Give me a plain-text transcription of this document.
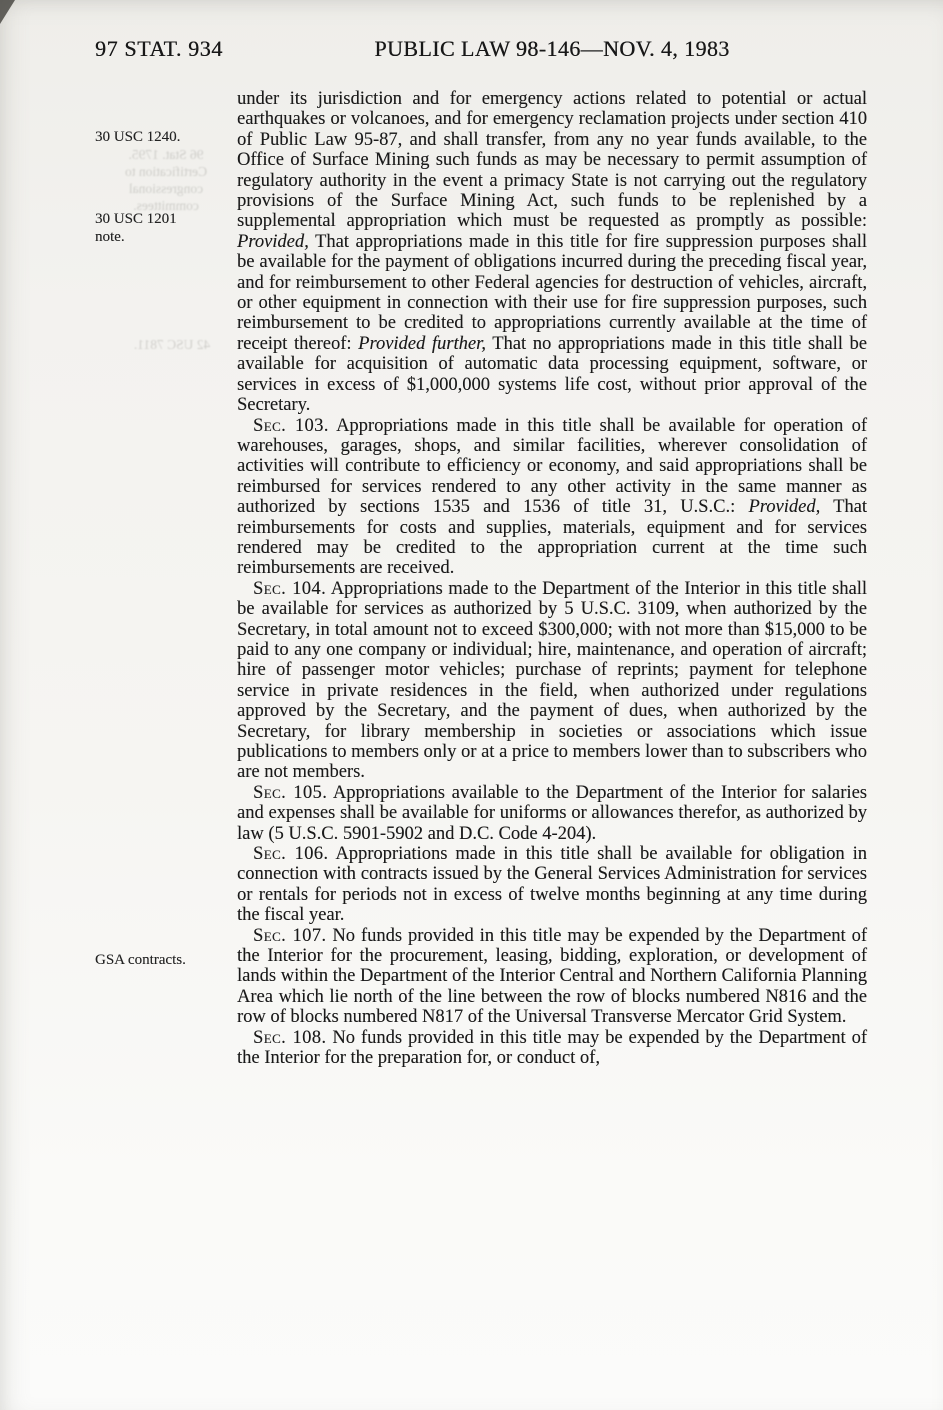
97 STAT. 934	PUBLIC LAW 98-146—NOV. 4, 1983
30 USC 1240.
30 USC 1201 note.
GSA contracts.
96 Stat. 1795.
Certification to
congressional
committees.
42 USC 7811.

under its jurisdiction and for emergency actions related to potential or actual earthquakes or volcanoes, and for emergency reclamation projects under section 410 of Public Law 95-87, and shall transfer, from any no year funds available, to the Office of Surface Mining such funds as may be necessary to permit assumption of regulatory authority in the event a primacy State is not carrying out the regulatory provisions of the Surface Mining Act, such funds to be replenished by a supplemental appropriation which must be requested as promptly as possible: Provided, That appropriations made in this title for fire suppression purposes shall be available for the payment of obligations incurred during the preceding fiscal year, and for reimbursement to other Federal agencies for destruction of vehicles, aircraft, or other equipment in connection with their use for fire suppression purposes, such reimbursement to be credited to appropriations currently available at the time of receipt thereof: Provided further, That no appropriations made in this title shall be available for acquisition of automatic data processing equipment, software, or services in excess of $1,000,000 systems life cost, without prior approval of the Secretary.

Sec. 103. Appropriations made in this title shall be available for operation of warehouses, garages, shops, and similar facilities, wherever consolidation of activities will contribute to efficiency or economy, and said appropriations shall be reimbursed for services rendered to any other activity in the same manner as authorized by sections 1535 and 1536 of title 31, U.S.C.: Provided, That reimbursements for costs and supplies, materials, equipment and for services rendered may be credited to the appropriation current at the time such reimbursements are received.

Sec. 104. Appropriations made to the Department of the Interior in this title shall be available for services as authorized by 5 U.S.C. 3109, when authorized by the Secretary, in total amount not to exceed $300,000; with not more than $15,000 to be paid to any one company or individual; hire, maintenance, and operation of aircraft; hire of passenger motor vehicles; purchase of reprints; payment for telephone service in private residences in the field, when authorized under regulations approved by the Secretary, and the payment of dues, when authorized by the Secretary, for library membership in societies or associations which issue publications to members only or at a price to members lower than to subscribers who are not members.

Sec. 105. Appropriations available to the Department of the Interior for salaries and expenses shall be available for uniforms or allowances therefor, as authorized by law (5 U.S.C. 5901-5902 and D.C. Code 4-204).

Sec. 106. Appropriations made in this title shall be available for obligation in connection with contracts issued by the General Services Administration for services or rentals for periods not in excess of twelve months beginning at any time during the fiscal year.

Sec. 107. No funds provided in this title may be expended by the Department of the Interior for the procurement, leasing, bidding, exploration, or development of lands within the Department of the Interior Central and Northern California Planning Area which lie north of the line between the row of blocks numbered N816 and the row of blocks numbered N817 of the Universal Transverse Mercator Grid System.

Sec. 108. No funds provided in this title may be expended by the Department of the Interior for the preparation for, or conduct of,
